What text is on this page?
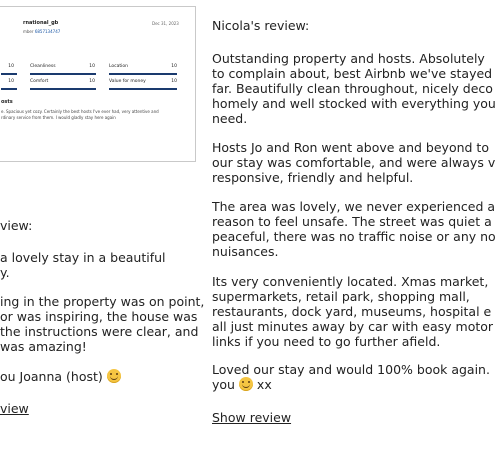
rnational_gb
mber 6857134747
Dec 31, 2023
10	Cleanliness	10	Location	10
10	Comfort	10	Value for money	10
osts
e. Spacious yet cozy. Certainly the best hosts I've ever had, very attentive and
rdinary service from them. I would gladly stay here again
view:
a lovely stay in a beautiful
y.
ing in the property was on point,
or was inspiring, the house was
the instructions were clear, and
was amazing!
ou Joanna (host)
view
Nicola's review:
Outstanding property and hosts. Absolutely
to complain about, best Airbnb we've stayed
far. Beautifully clean throughout, nicely deco
homely and well stocked with everything you
need.
Hosts Jo and Ron went above and beyond to
our stay was comfortable, and were always v
responsive, friendly and helpful.
The area was lovely, we never experienced a
reason to feel unsafe. The street was quiet a
peaceful, there was no traffic noise or any no
nuisances.
Its very conveniently located. Xmas market,
supermarkets, retail park, shopping mall,
restaurants, dock yard, museums, hospital e
all just minutes away by car with easy motor
links if you need to go further afield.
Loved our stay and would 100% book again.
you  xx
Show review
